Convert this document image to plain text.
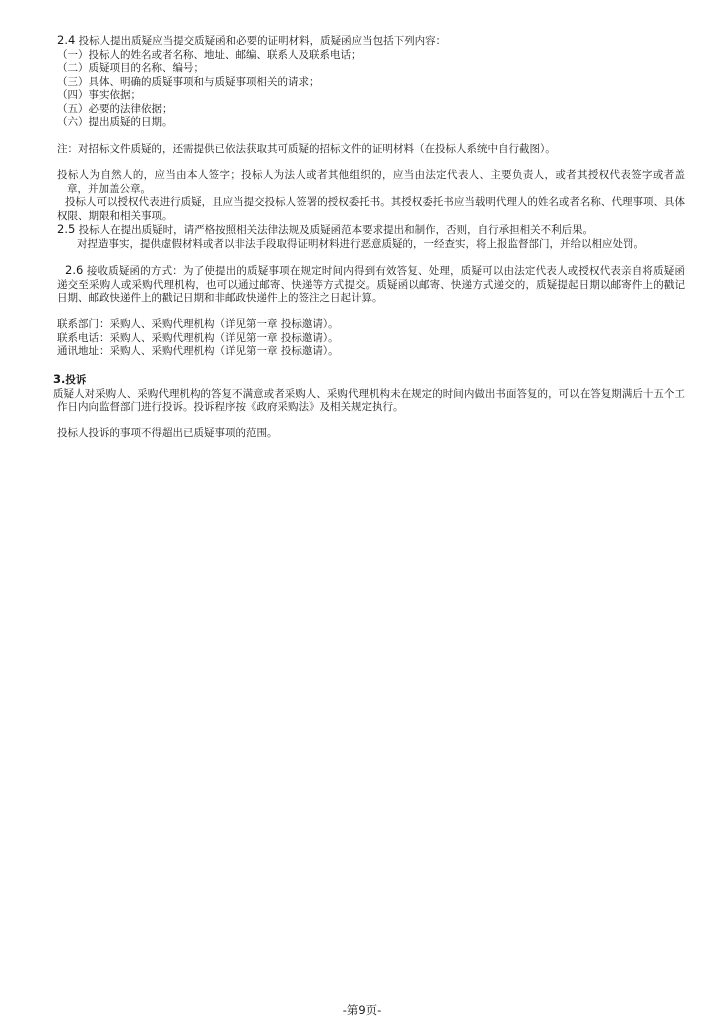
2.4 投标人提出质疑应当提交质疑函和必要的证明材料，质疑函应当包括下列内容：
（一）投标人的姓名或者名称、地址、邮编、联系人及联系电话；
（二）质疑项目的名称、编号；
（三）具体、明确的质疑事项和与质疑事项相关的请求；
（四）事实依据；
（五）必要的法律依据；
（六）提出质疑的日期。
注：对招标文件质疑的，还需提供已依法获取其可质疑的招标文件的证明材料（在投标人系统中自行截图）。
投标人为自然人的，应当由本人签字；投标人为法人或者其他组织的，应当由法定代表人、主要负责人，或者其授权代表签字或者盖章，并加盖公章。
投标人可以授权代表进行质疑，且应当提交投标人签署的授权委托书。其授权委托书应当载明代理人的姓名或者名称、代理事项、具体权限、期限和相关事项。
2.5 投标人在提出质疑时，请严格按照相关法律法规及质疑函范本要求提出和制作，否则，自行承担相关不利后果。
对捏造事实，提供虚假材料或者以非法手段取得证明材料进行恶意质疑的，一经查实，将上报监督部门，并给以相应处罚。
2.6 接收质疑函的方式：为了使提出的质疑事项在规定时间内得到有效答复、处理，质疑可以由法定代表人或授权代表亲自将质疑函递交至采购人或采购代理机构，也可以通过邮寄、快递等方式提交。质疑函以邮寄、快递方式递交的，质疑提起日期以邮寄件上的戳记日期、邮政快递件上的戳记日期和非邮政快递件上的签注之日起计算。
联系部门：采购人、采购代理机构（详见第一章 投标邀请）。
联系电话：采购人、采购代理机构（详见第一章 投标邀请）。
通讯地址：采购人、采购代理机构（详见第一章 投标邀请）。
3.投诉
质疑人对采购人、采购代理机构的答复不满意或者采购人、采购代理机构未在规定的时间内做出书面答复的，可以在答复期满后十五个工作日内向监督部门进行投诉。投诉程序按《政府采购法》及相关规定执行。
投标人投诉的事项不得超出已质疑事项的范围。
-第9页-
